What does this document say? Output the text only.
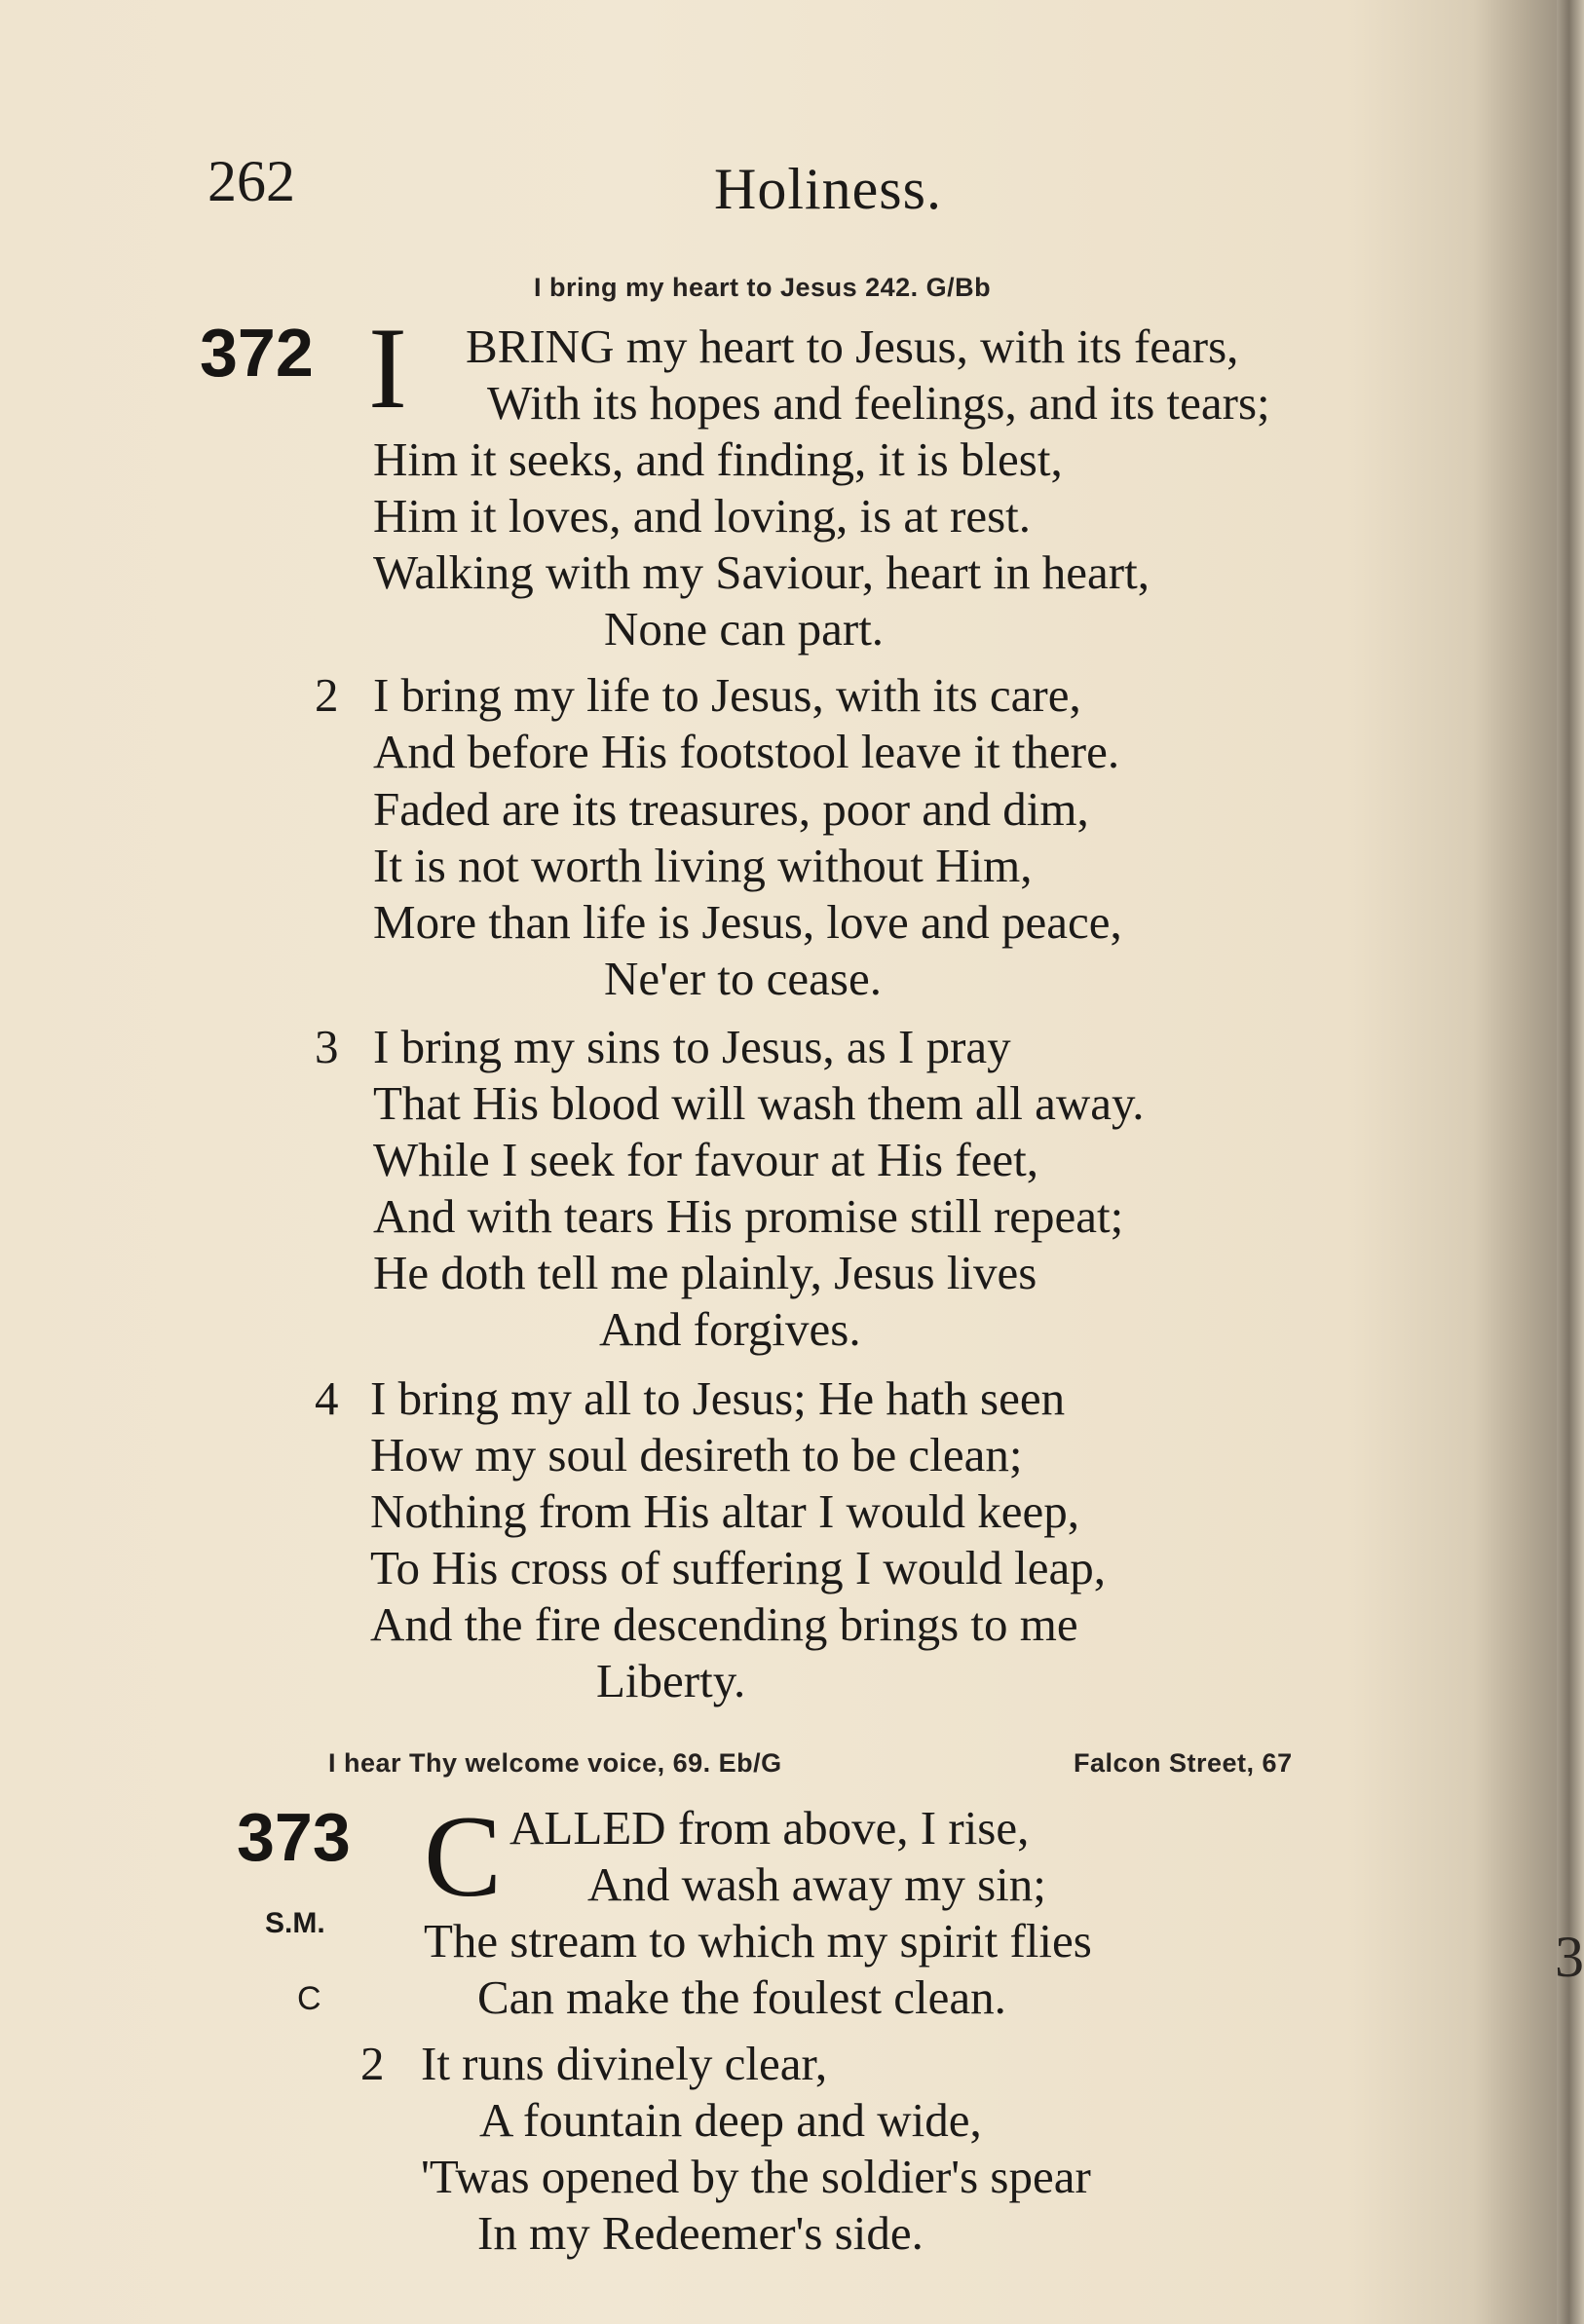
3
262	Holiness.
I bring my heart to Jesus 242. G/Bb
372 I BRING my heart to Jesus, with its fears,
With its hopes and feelings, and its tears;
Him it seeks, and finding, it is blest,
Him it loves, and loving, is at rest.
Walking with my Saviour, heart in heart,
None can part.
2 I bring my life to Jesus, with its care,
And before His footstool leave it there.
Faded are its treasures, poor and dim,
It is not worth living without Him,
More than life is Jesus, love and peace,
Ne'er to cease.
3 I bring my sins to Jesus, as I pray
That His blood will wash them all away.
While I seek for favour at His feet,
And with tears His promise still repeat;
He doth tell me plainly, Jesus lives
And forgives.
4 I bring my all to Jesus; He hath seen
How my soul desireth to be clean;
Nothing from His altar I would keep,
To His cross of suffering I would leap,
And the fire descending brings to me
Liberty.
I hear Thy welcome voice, 69. Eb/G	Falcon Street, 67
373 C
S.M.
C
ALLED from above, I rise,
And wash away my sin;
The stream to which my spirit flies
Can make the foulest clean.
2 It runs divinely clear,
A fountain deep and wide,
'Twas opened by the soldier's spear
In my Redeemer's side.
